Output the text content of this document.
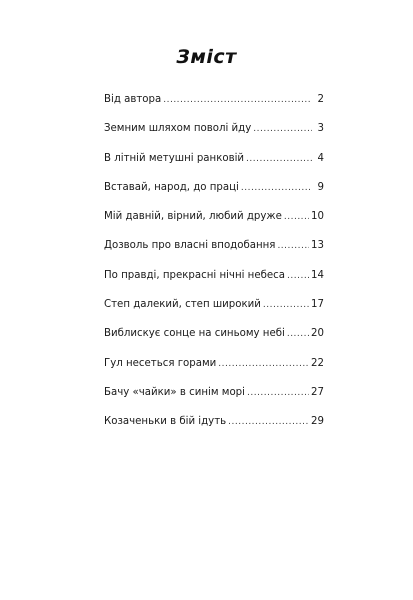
Зміст
Від автора .....	2
Земним шляхом поволі йду .....	3
В літній метушні ранковій .....	4
Вставай, народ, до праці .....	9
Мій давній, вірний, любий друже .....	10
Дозволь про власні вподобання .....	13
По правді, прекрасні нічні небеса .....	14
Степ далекий, степ широкий .....	17
Виблискує сонце на синьому небі .....	20
Гул несеться горами .....	22
Бачу «чайки» в синім морі .....	27
Козаченьки в бій ідуть .....	29
